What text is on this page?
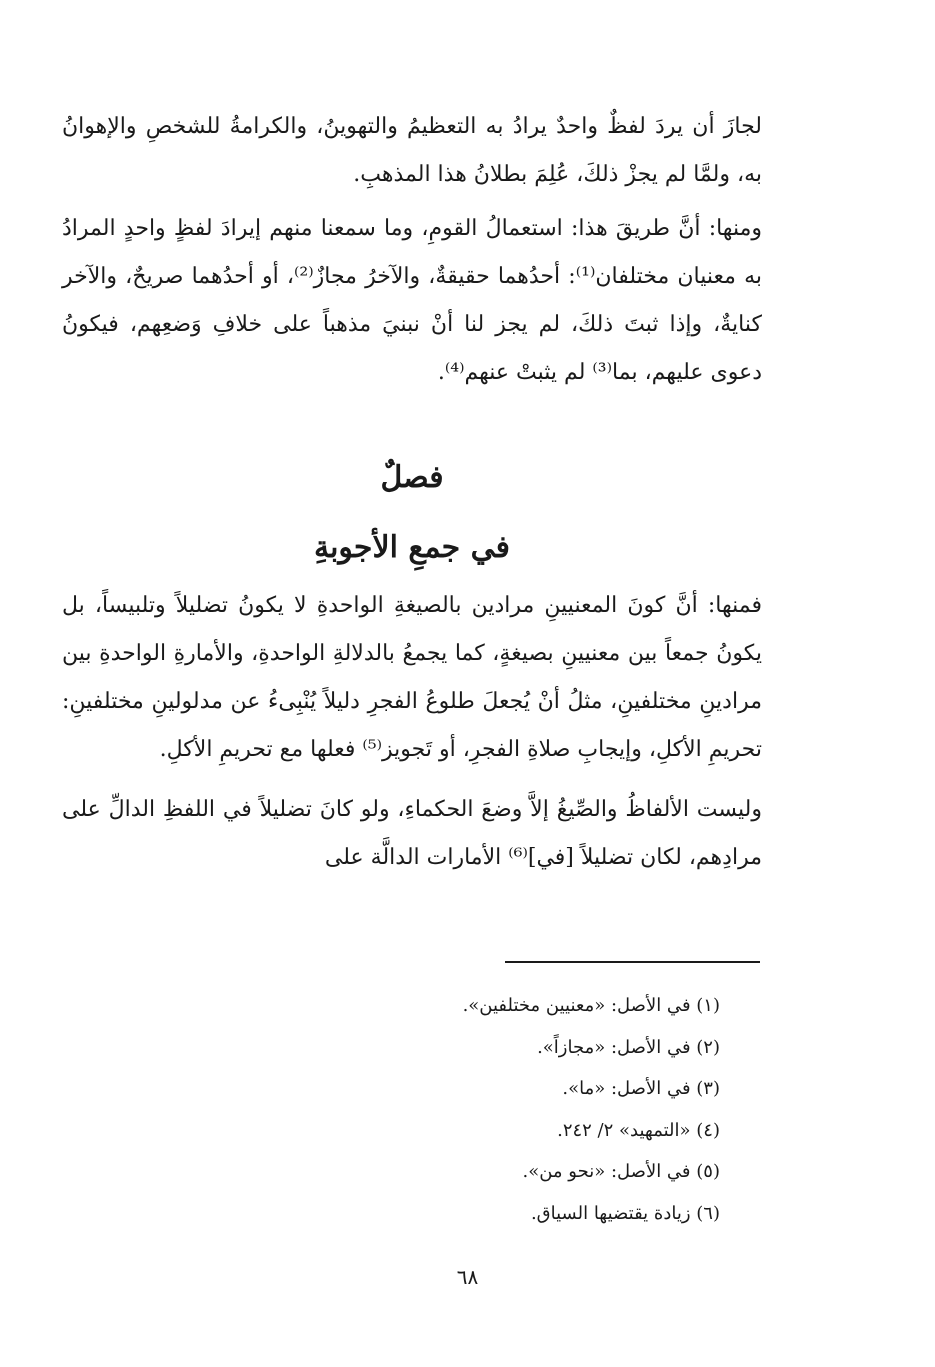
لجازَ أن يردَ لفظٌ واحدٌ يرادُ به التعظيمُ والتهوينُ، والكرامةُ للشخصِ والإهوانُ به، ولمَّا لم يجزْ ذلكَ، عُلِمَ بطلانُ هذا المذهبِ.

ومنها: أنَّ طريقَ هذا: استعمالُ القومِ، وما سمعنا منهم إيرادَ لفظٍ واحدٍ المرادُ به معنيان مختلفان⁽¹⁾: أحدُهما حقيقةٌ، والآخرُ مجازٌ⁽²⁾، أو أحدُهما صريحٌ، والآخر كنايةٌ، وإذا ثبتَ ذلكَ، لم يجز لنا أنْ نبنيَ مذهباً على خلافِ وَضعِهم، فيكونُ دعوى عليهم، بما⁽³⁾ لم يثبتْ عنهم⁽⁴⁾.

فصلٌ
في جمعِ الأجوبةِ

فمنها: أنَّ كونَ المعنيينِ مرادين بالصيغةِ الواحدةِ لا يكونُ تضليلاً وتلبيساً، بل يكونُ جمعاً بين معنيينِ بصيغةٍ، كما يجمعُ بالدلالةِ الواحدةِ، والأمارةِ الواحدةِ بين مرادينِ مختلفينِ، مثلُ أنْ يُجعلَ طلوعُ الفجرِ دليلاً يُنْبِىءُ عن مدلولينِ مختلفينِ: تحريمِ الأكلِ، وإيجابِ صلاةِ الفجرِ، أو تَجويز⁽⁵⁾ فعلها مع تحريمِ الأكلِ.

وليست الألفاظُ والصِّيغُ إلاَّ وضعَ الحكماءِ، ولو كانَ تضليلاً في اللفظِ الدالِّ على مرادِهم، لكان تضليلاً [في]⁽⁶⁾ الأمارات الدالَّة على

(١) في الأصل: «معنيين مختلفين».
(٢) في الأصل: «مجازاً».
(٣) في الأصل: «ما».
(٤) «التمهيد» ٢/ ٢٤٢.
(٥) في الأصل: «نحو من».
(٦) زيادة يقتضيها السياق.
٦٨
